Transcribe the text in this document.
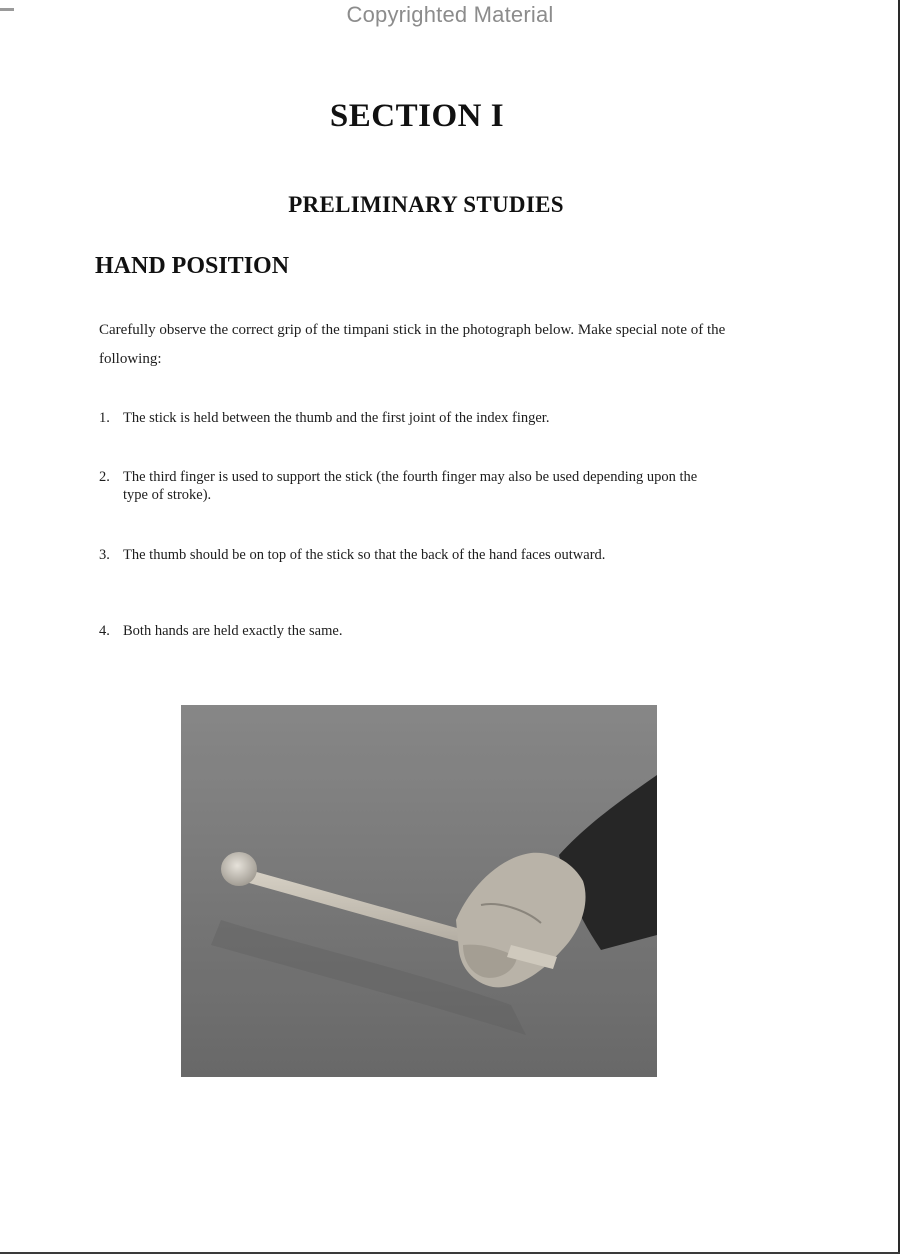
Copyrighted Material
SECTION I
PRELIMINARY STUDIES
HAND POSITION
Carefully observe the correct grip of the timpani stick in the photograph below. Make special note of the following:
1. The stick is held between the thumb and the first joint of the index finger.
2. The third finger is used to support the stick (the fourth finger may also be used depending upon the type of stroke).
3. The thumb should be on top of the stick so that the back of the hand faces outward.
4. Both hands are held exactly the same.
